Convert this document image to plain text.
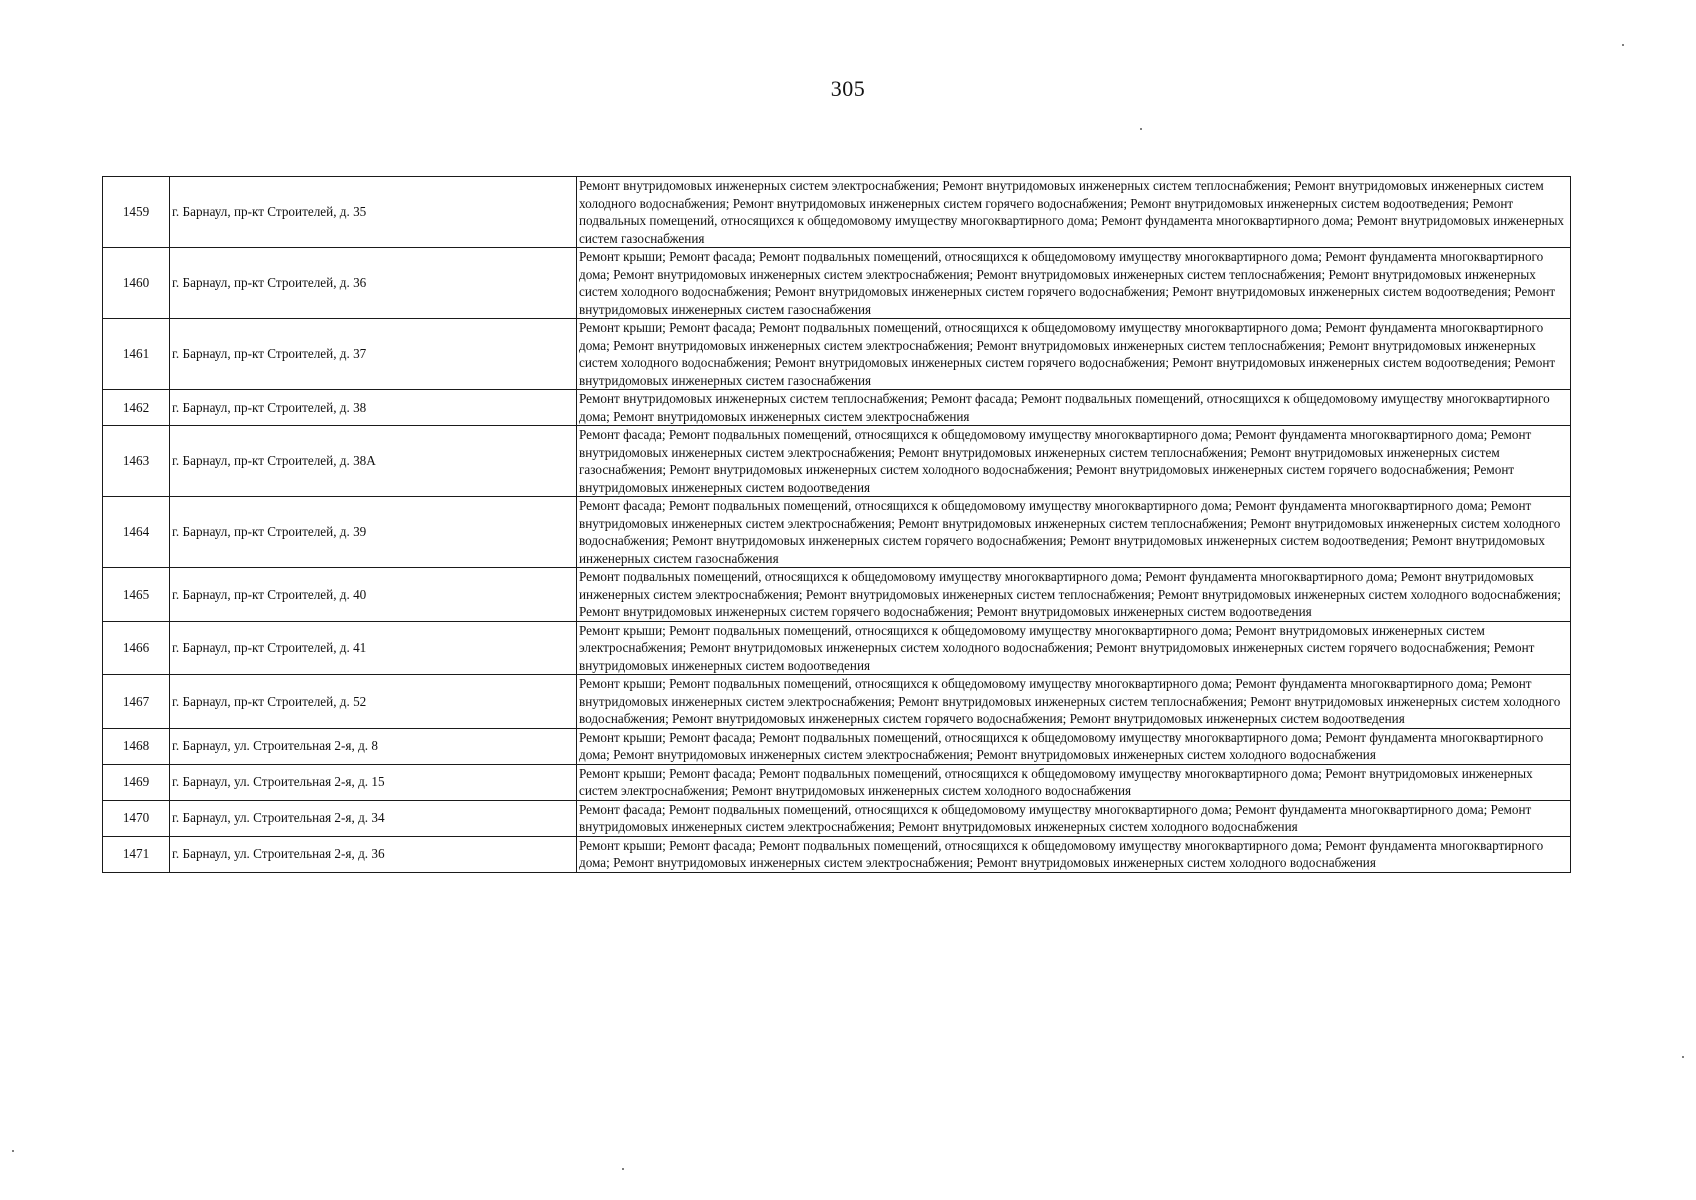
305
1459	г. Барнаул, пр-кт Строителей, д. 35	Ремонт внутридомовых инженерных систем электроснабжения; Ремонт внутридомовых инженерных систем теплоснабжения; Ремонт внутридомовых инженерных систем холодного водоснабжения; Ремонт внутридомовых инженерных систем горячего водоснабжения; Ремонт внутридомовых инженерных систем водоотведения; Ремонт подвальных помещений, относящихся к общедомовому имуществу многоквартирного дома; Ремонт фундамента многоквартирного дома; Ремонт внутридомовых инженерных систем газоснабжения
1460	г. Барнаул, пр-кт Строителей, д. 36	Ремонт крыши; Ремонт фасада; Ремонт подвальных помещений, относящихся к общедомовому имуществу многоквартирного дома; Ремонт фундамента многоквартирного дома; Ремонт внутридомовых инженерных систем электроснабжения; Ремонт внутридомовых инженерных систем теплоснабжения; Ремонт внутридомовых инженерных систем холодного водоснабжения; Ремонт внутридомовых инженерных систем горячего водоснабжения; Ремонт внутридомовых инженерных систем водоотведения; Ремонт внутридомовых инженерных систем газоснабжения
1461	г. Барнаул, пр-кт Строителей, д. 37	Ремонт крыши; Ремонт фасада; Ремонт подвальных помещений, относящихся к общедомовому имуществу многоквартирного дома; Ремонт фундамента многоквартирного дома; Ремонт внутридомовых инженерных систем электроснабжения; Ремонт внутридомовых инженерных систем теплоснабжения; Ремонт внутридомовых инженерных систем холодного водоснабжения; Ремонт внутридомовых инженерных систем горячего водоснабжения; Ремонт внутридомовых инженерных систем водоотведения; Ремонт внутридомовых инженерных систем газоснабжения
1462	г. Барнаул, пр-кт Строителей, д. 38	Ремонт внутридомовых инженерных систем теплоснабжения; Ремонт фасада; Ремонт подвальных помещений, относящихся к общедомовому имуществу многоквартирного дома; Ремонт внутридомовых инженерных систем электроснабжения
1463	г. Барнаул, пр-кт Строителей, д. 38А	Ремонт фасада; Ремонт подвальных помещений, относящихся к общедомовому имуществу многоквартирного дома; Ремонт фундамента многоквартирного дома; Ремонт внутридомовых инженерных систем электроснабжения; Ремонт внутридомовых инженерных систем теплоснабжения; Ремонт внутридомовых инженерных систем газоснабжения; Ремонт внутридомовых инженерных систем холодного водоснабжения; Ремонт внутридомовых инженерных систем горячего водоснабжения; Ремонт внутридомовых инженерных систем водоотведения
1464	г. Барнаул, пр-кт Строителей, д. 39	Ремонт фасада; Ремонт подвальных помещений, относящихся к общедомовому имуществу многоквартирного дома; Ремонт фундамента многоквартирного дома; Ремонт внутридомовых инженерных систем электроснабжения; Ремонт внутридомовых инженерных систем теплоснабжения; Ремонт внутридомовых инженерных систем холодного водоснабжения; Ремонт внутридомовых инженерных систем горячего водоснабжения; Ремонт внутридомовых инженерных систем водоотведения; Ремонт внутридомовых инженерных систем газоснабжения
1465	г. Барнаул, пр-кт Строителей, д. 40	Ремонт подвальных помещений, относящихся к общедомовому имуществу многоквартирного дома; Ремонт фундамента многоквартирного дома; Ремонт внутридомовых инженерных систем электроснабжения; Ремонт внутридомовых инженерных систем теплоснабжения; Ремонт внутридомовых инженерных систем холодного водоснабжения; Ремонт внутридомовых инженерных систем горячего водоснабжения; Ремонт внутридомовых инженерных систем водоотведения
1466	г. Барнаул, пр-кт Строителей, д. 41	Ремонт крыши; Ремонт подвальных помещений, относящихся к общедомовому имуществу многоквартирного дома; Ремонт внутридомовых инженерных систем электроснабжения; Ремонт внутридомовых инженерных систем холодного водоснабжения; Ремонт внутридомовых инженерных систем горячего водоснабжения; Ремонт внутридомовых инженерных систем водоотведения
1467	г. Барнаул, пр-кт Строителей, д. 52	Ремонт крыши; Ремонт подвальных помещений, относящихся к общедомовому имуществу многоквартирного дома; Ремонт фундамента многоквартирного дома; Ремонт внутридомовых инженерных систем электроснабжения; Ремонт внутридомовых инженерных систем теплоснабжения; Ремонт внутридомовых инженерных систем холодного водоснабжения; Ремонт внутридомовых инженерных систем горячего водоснабжения; Ремонт внутридомовых инженерных систем водоотведения
1468	г. Барнаул, ул. Строительная 2-я, д. 8	Ремонт крыши; Ремонт фасада; Ремонт подвальных помещений, относящихся к общедомовому имуществу многоквартирного дома; Ремонт фундамента многоквартирного дома; Ремонт внутридомовых инженерных систем электроснабжения; Ремонт внутридомовых инженерных систем холодного водоснабжения
1469	г. Барнаул, ул. Строительная 2-я, д. 15	Ремонт крыши; Ремонт фасада; Ремонт подвальных помещений, относящихся к общедомовому имуществу многоквартирного дома; Ремонт внутридомовых инженерных систем электроснабжения; Ремонт внутридомовых инженерных систем холодного водоснабжения
1470	г. Барнаул, ул. Строительная 2-я, д. 34	Ремонт фасада; Ремонт подвальных помещений, относящихся к общедомовому имуществу многоквартирного дома; Ремонт фундамента многоквартирного дома; Ремонт внутридомовых инженерных систем электроснабжения; Ремонт внутридомовых инженерных систем холодного водоснабжения
1471	г. Барнаул, ул. Строительная 2-я, д. 36	Ремонт крыши; Ремонт фасада; Ремонт подвальных помещений, относящихся к общедомовому имуществу многоквартирного дома; Ремонт фундамента многоквартирного дома; Ремонт внутридомовых инженерных систем электроснабжения; Ремонт внутридомовых инженерных систем холодного водоснабжения
